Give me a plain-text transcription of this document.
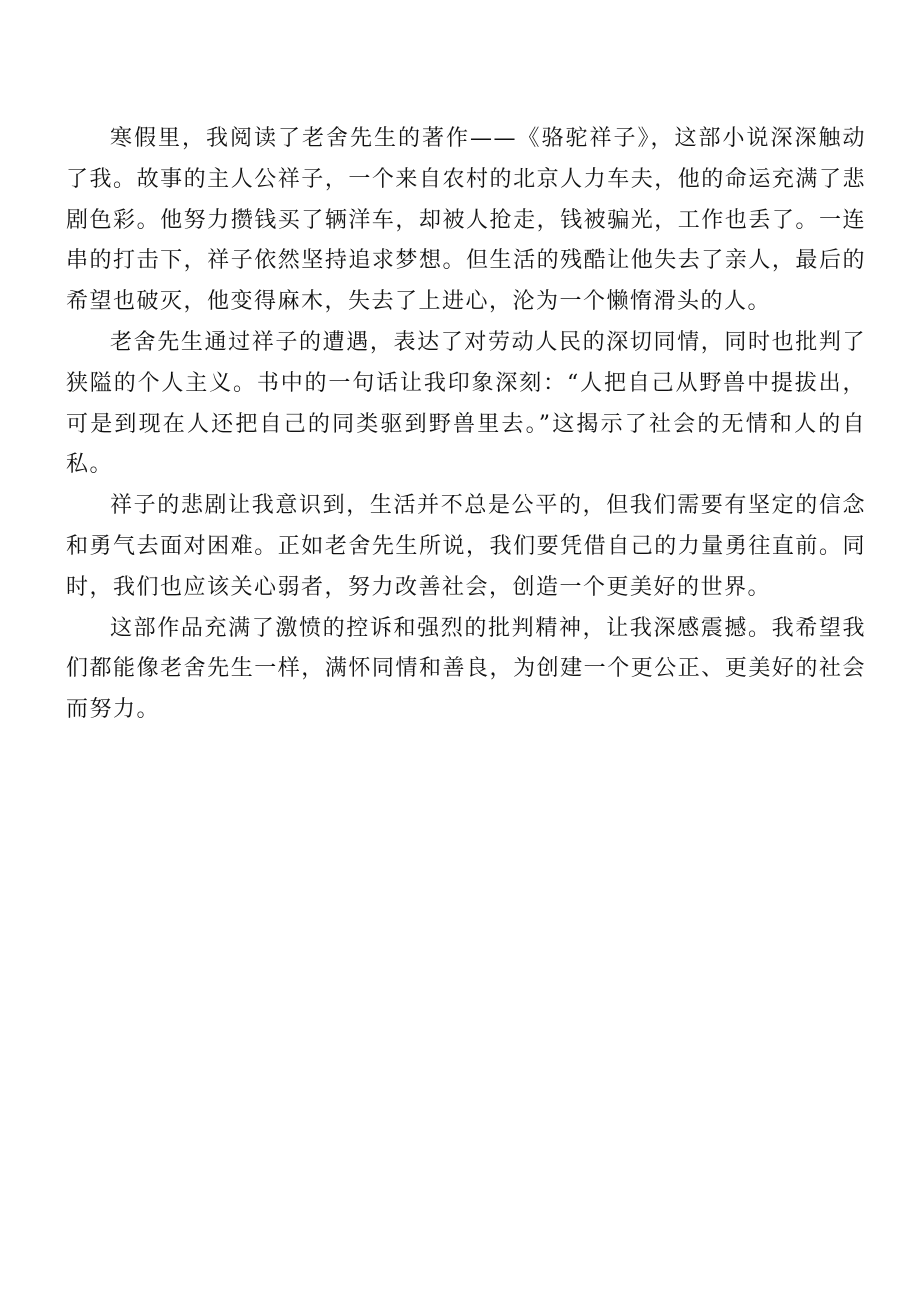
寒假里，我阅读了老舍先生的著作——《骆驼祥子》，这部小说深深触动了我。故事的主人公祥子，一个来自农村的北京人力车夫，他的命运充满了悲剧色彩。他努力攒钱买了辆洋车，却被人抢走，钱被骗光，工作也丢了。一连串的打击下，祥子依然坚持追求梦想。但生活的残酷让他失去了亲人，最后的希望也破灭，他变得麻木，失去了上进心，沦为一个懒惰滑头的人。

老舍先生通过祥子的遭遇，表达了对劳动人民的深切同情，同时也批判了狭隘的个人主义。书中的一句话让我印象深刻：“人把自己从野兽中提拔出，可是到现在人还把自己的同类驱到野兽里去。”这揭示了社会的无情和人的自私。

祥子的悲剧让我意识到，生活并不总是公平的，但我们需要有坚定的信念和勇气去面对困难。正如老舍先生所说，我们要凭借自己的力量勇往直前。同时，我们也应该关心弱者，努力改善社会，创造一个更美好的世界。

这部作品充满了激愤的控诉和强烈的批判精神，让我深感震撼。我希望我们都能像老舍先生一样，满怀同情和善良，为创建一个更公正、更美好的社会而努力。
